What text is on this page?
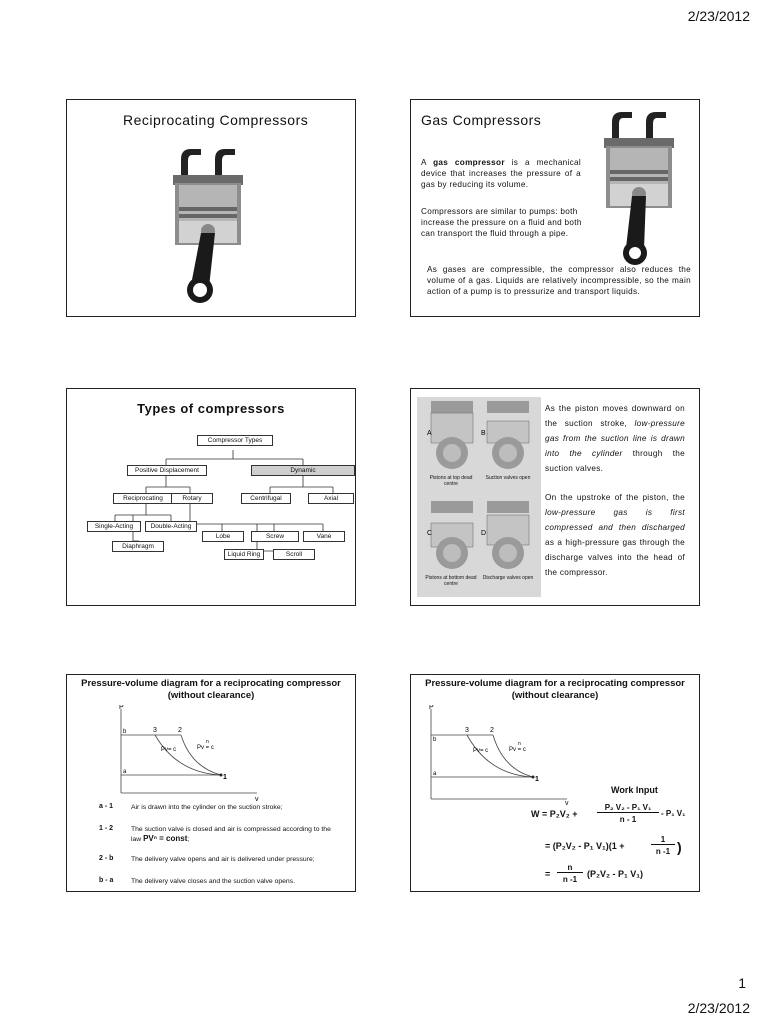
2/23/2012
Reciprocating Compressors	Gas Compressors
A gas compressor is a mechanical device that increases the pressure of a gas by reducing its volume.
Compressors are similar to pumps: both increase the pressure on a fluid and both can transport the fluid through a pipe.
As gases are compressible, the compressor also reduces the volume of a gas. Liquids are relatively incompressible, so the main action of a pump is to pressurize and transport liquids.
Types of compressors
Compressor Types
Positive Displacement	Dynamic
Reciprocating	Rotary	Centrifugal	Axial
Single-Acting	Double-Acting
Diaphragm
Lobe	Screw	Vane
Liquid Ring	Scroll
A	B
C	D
Pistons at top dead centre
Suction valves open
Pistons at bottom dead centre
Discharge valves open
As the piston moves downward on the suction stroke, low-pressure gas from the suction line is drawn into the cylinder through the suction valves.
On the upstroke of the piston, the low-pressure gas is first compressed and then discharged as a high-pressure gas through the discharge valves into the head of the compressor.
Pressure-volume diagram for a reciprocating compressor (without clearance)
P
v
b
a
3	2
1
Pv= c	Pv = c
n
a - 1	Air is drawn into the cylinder on the suction stroke;
1 - 2	The suction valve is closed and air is compressed according to the law PVⁿ = const;
2 - b	The delivery valve opens and air is delivered under pressure;
b - a	The delivery valve closes and the suction valve opens.
Pressure-volume diagram for a reciprocating compressor (without clearance)
P
v
b
a
3	2
1
Pv= c	Pv = c
n
Work Input
W = P₂V₂ +
P₂ V₂ - P₁ V₁
n - 1
- P₁ V₁
= (P₂V₂ - P₁ V₁)(1 +
1
n -1 )
=
n
n -1
(P₂V₂ - P₁ V₁)
1
2/23/2012
